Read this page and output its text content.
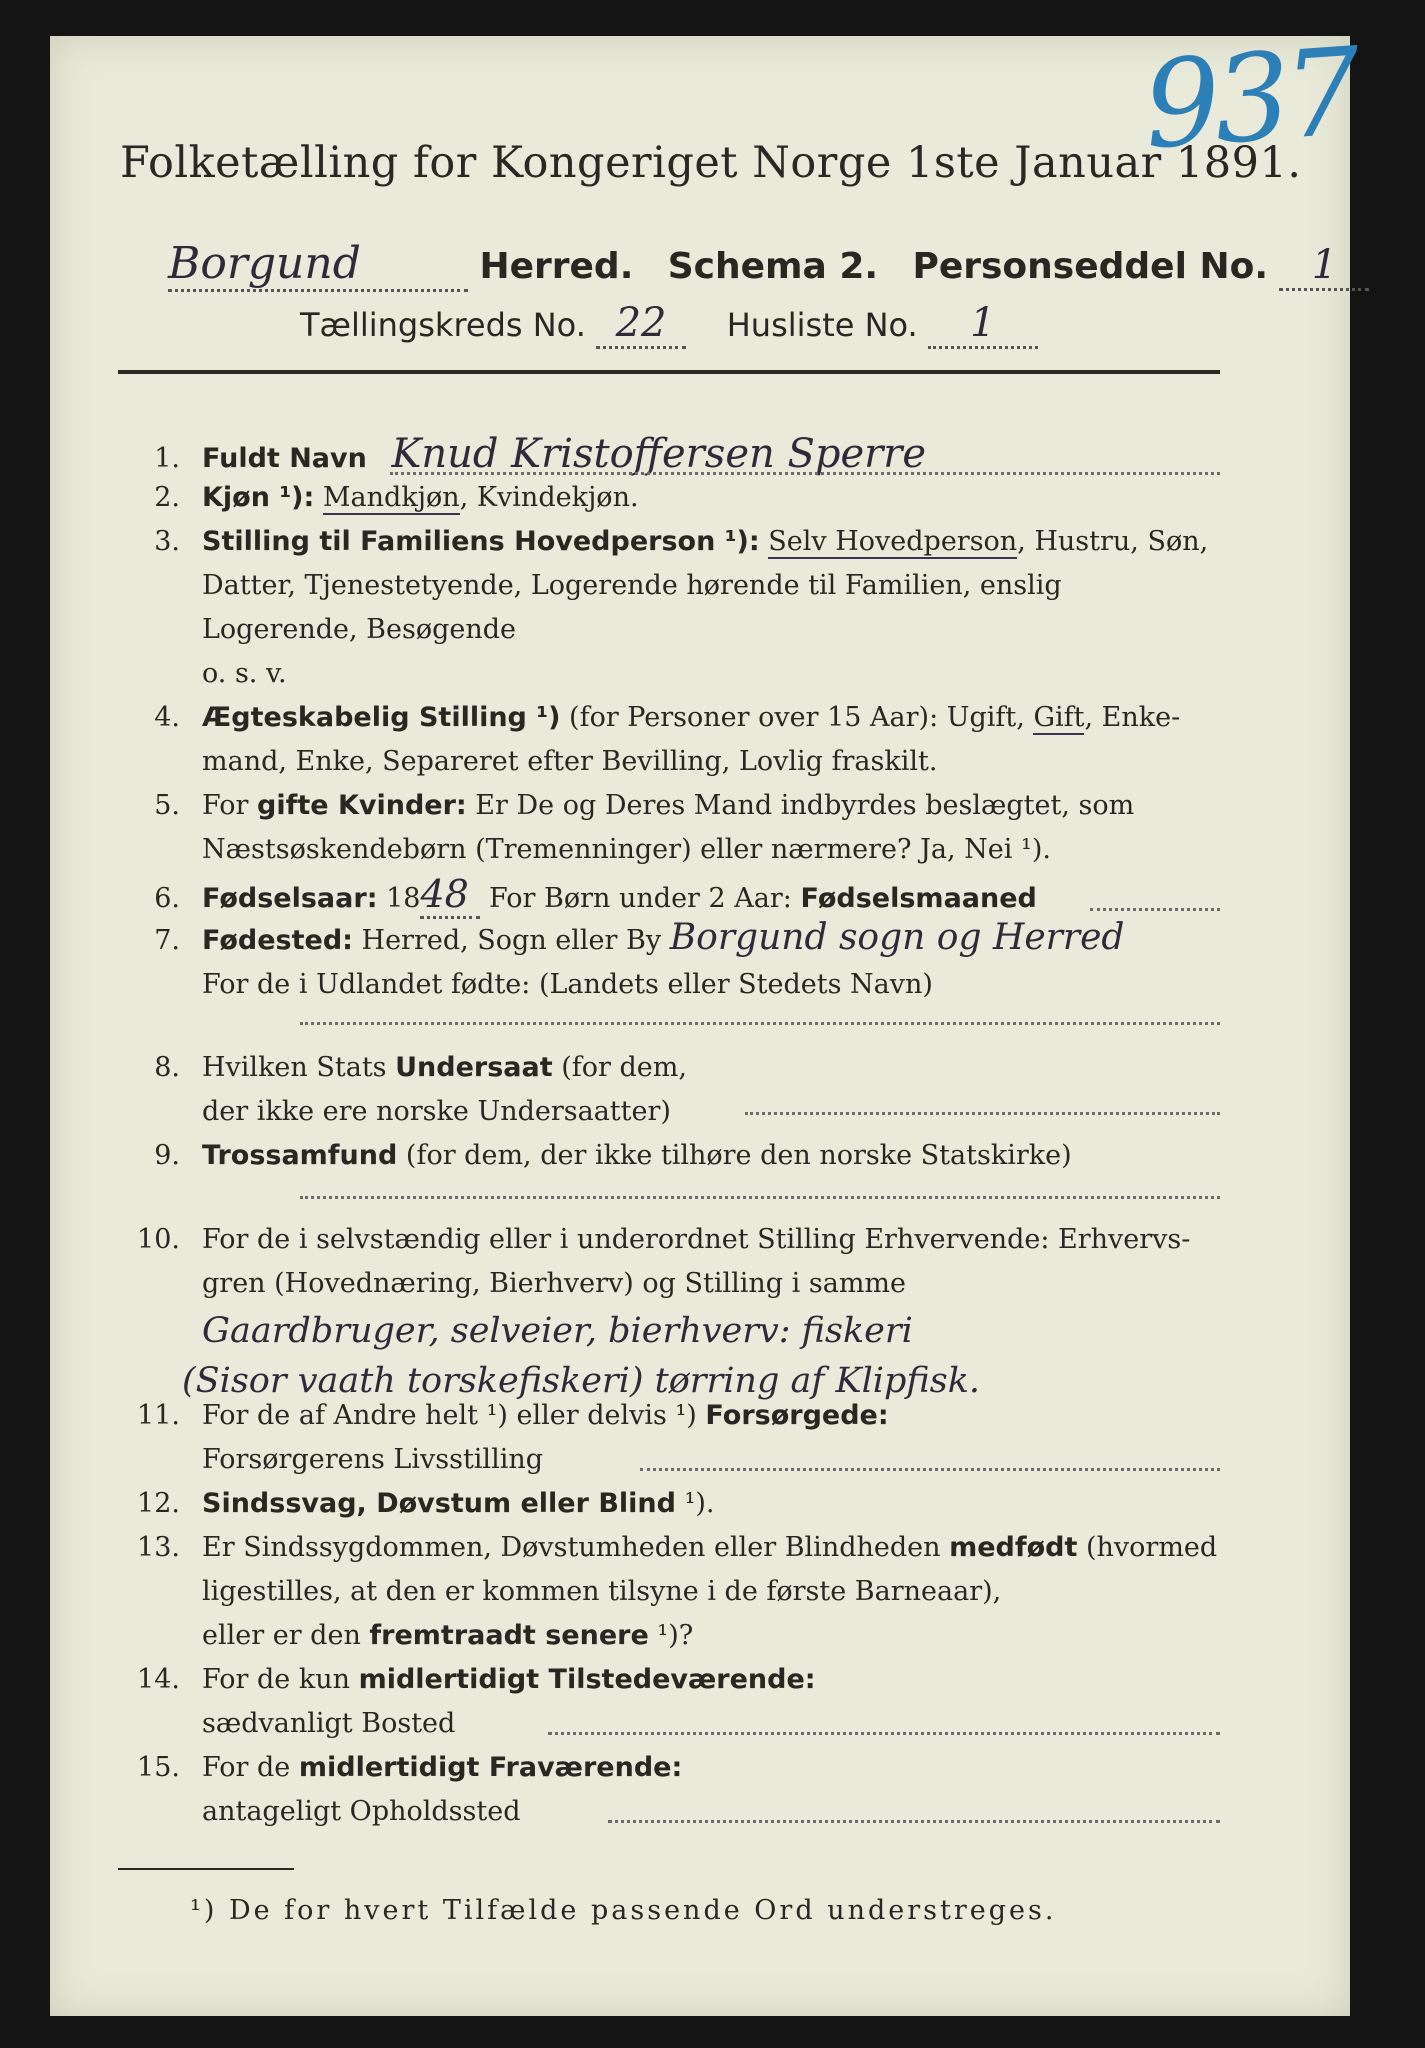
937
Folketælling for Kongeriget Norge 1ste Januar 1891.
Borgund	Herred. Schema 2. Personseddel No. 1
Tællingskreds No. 22 Husliste No. 1
1. Fuldt Navn Knud Kristoffersen Sperre
2. Kjøn ¹): Mandkjøn, Kvindekjøn.
3. Stilling til Familiens Hovedperson ¹): Selv Hovedperson, Hustru, Søn,
Datter, Tjenestetyende, Logerende hørende til Familien, enslig
Logerende, Besøgende
o. s. v.
4. Ægteskabelig Stilling ¹) (for Personer over 15 Aar): Ugift, Gift, Enke-
mand, Enke, Separeret efter Bevilling, Lovlig fraskilt.
5. For gifte Kvinder: Er De og Deres Mand indbyrdes beslægtet, som
Næstsøskendebørn (Tremenninger) eller nærmere? Ja, Nei ¹).
6. Fødselsaar: 1848 For Børn under 2 Aar: Fødselsmaaned
7. Fødested: Herred, Sogn eller By Borgund sogn og Herred
For de i Udlandet fødte: (Landets eller Stedets Navn)
8. Hvilken Stats Undersaat (for dem,
der ikke ere norske Undersaatter)
9. Trossamfund (for dem, der ikke tilhøre den norske Statskirke)
10. For de i selvstændig eller i underordnet Stilling Erhvervende: Erhvervs-
gren (Hovednæring, Bierhverv) og Stilling i samme
Gaardbruger, selveier, bierhverv: fiskeri
(Sisor vaath torskefiskeri) tørring af Klipfisk.
11. For de af Andre helt ¹) eller delvis ¹) Forsørgede:
Forsørgerens Livsstilling
12. Sindssvag, Døvstum eller Blind ¹).
13. Er Sindssygdommen, Døvstumheden eller Blindheden medfødt (hvormed
ligestilles, at den er kommen tilsyne i de første Barneaar),
eller er den fremtraadt senere ¹)?
14. For de kun midlertidigt Tilstedeværende:
sædvanligt Bosted
15. For de midlertidigt Fraværende:
antageligt Opholdssted
¹) De for hvert Tilfælde passende Ord understreges.
